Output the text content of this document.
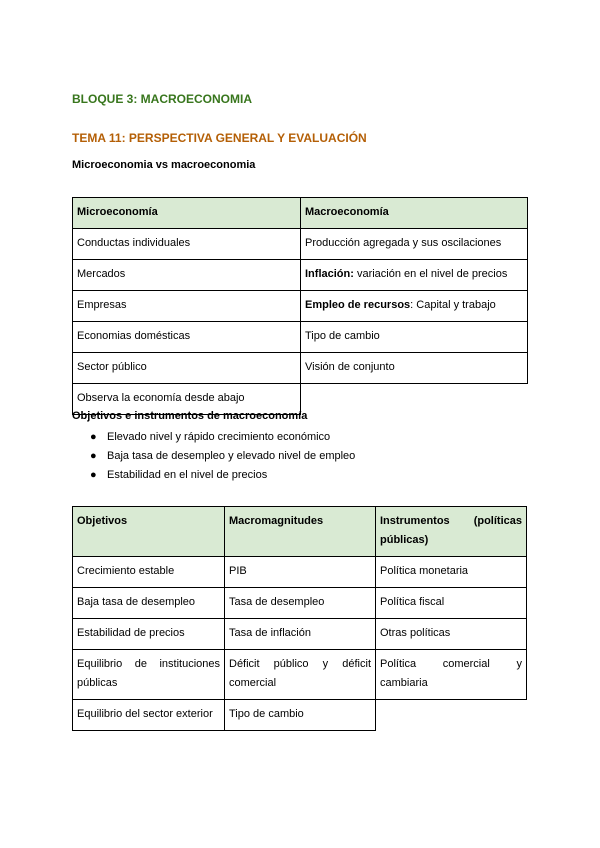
BLOQUE 3: MACROECONOMIA
TEMA 11: PERSPECTIVA GENERAL Y EVALUACIÓN
Microeconomia vs macroeconomia
Microeconomía	Macroeconomía
Conductas individuales	Producción agregada y sus oscilaciones
Mercados	Inflación: variación en el nivel de precios
Empresas	Empleo de recursos: Capital y trabajo
Economias domésticas	Tipo de cambio
Sector público	Visión de conjunto
Observa la economía desde abajo	
Objetivos e instrumentos de macroeconomía
● Elevado nivel y rápido crecimiento económico
● Baja tasa de desempleo y elevado nivel de empleo
● Estabilidad en el nivel de precios
Objetivos	Macromagnitudes	Instrumentos (políticas públicas)

Crecimiento estable	PIB	Política monetaria
Baja tasa de desempleo	Tasa de desempleo	Política fiscal
Estabilidad de precios	Tasa de inflación	Otras políticas

Equilibrio de instituciones públicas	Déficit público y déficit comercial	Política comercial y cambiaria

Equilibrio del sector exterior	Tipo de cambio	
